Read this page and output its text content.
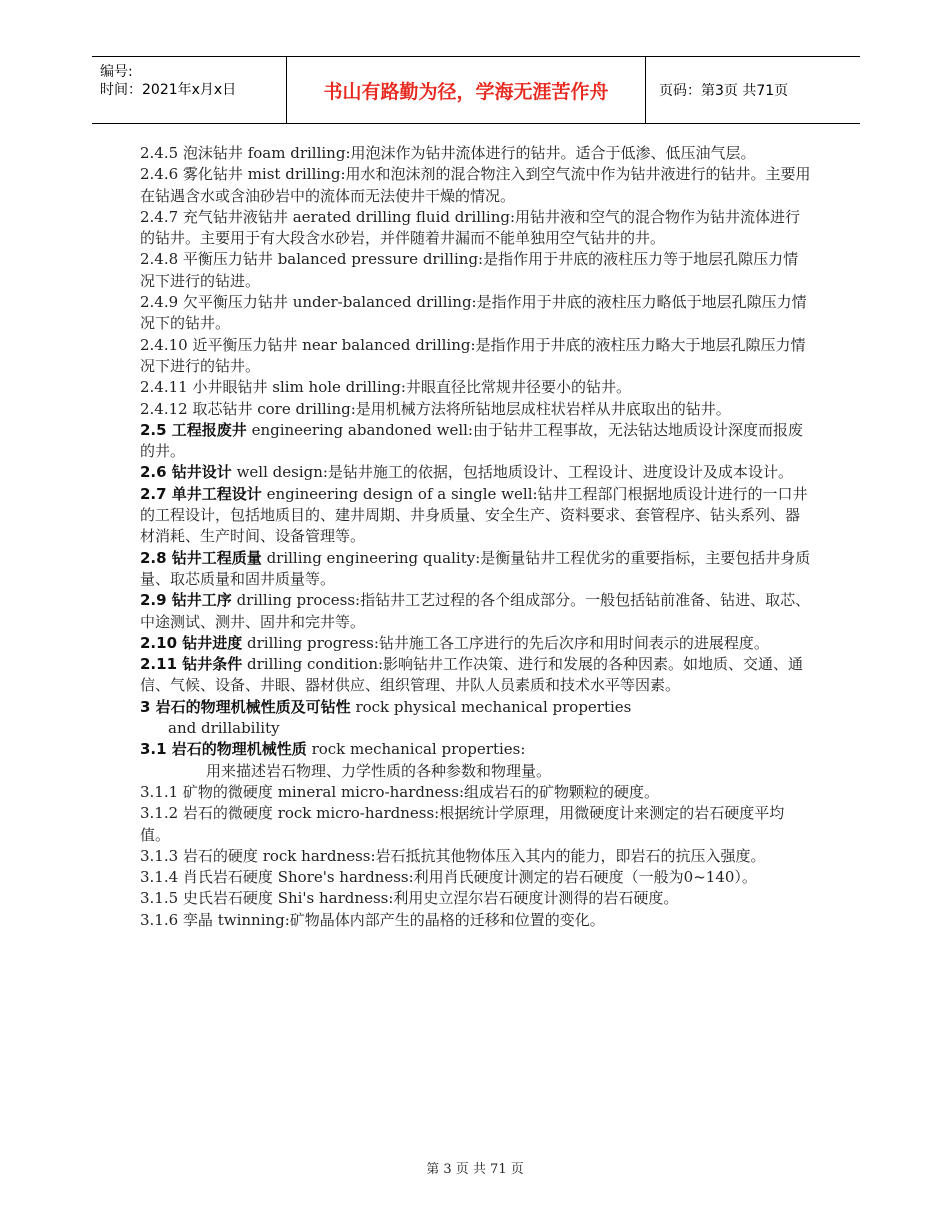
编号:
时间：2021年x月x日	书山有路勤为径，学海无涯苦作舟	页码：第3页 共71页

2.4.5 泡沫钻井 foam drilling:用泡沫作为钻井流体进行的钻井。适合于低渗、低压油气层。

2.4.6 雾化钻井 mist drilling:用水和泡沫剂的混合物注入到空气流中作为钻井液进行的钻井。主要用在钻遇含水或含油砂岩中的流体而无法使井干燥的情况。

2.4.7 充气钻井液钻井 aerated drilling fluid drilling:用钻井液和空气的混合物作为钻井流体进行的钻井。主要用于有大段含水砂岩，并伴随着井漏而不能单独用空气钻井的井。

2.4.8 平衡压力钻井 balanced pressure drilling:是指作用于井底的液柱压力等于地层孔隙压力情况下进行的钻进。

2.4.9 欠平衡压力钻井 under-balanced drilling:是指作用于井底的液柱压力略低于地层孔隙压力情况下的钻井。

2.4.10 近平衡压力钻井 near balanced drilling:是指作用于井底的液柱压力略大于地层孔隙压力情况下进行的钻井。

2.4.11 小井眼钻井 slim hole drilling:井眼直径比常规井径要小的钻井。

2.4.12 取芯钻井 core drilling:是用机械方法将所钻地层成柱状岩样从井底取出的钻井。

2.5 工程报废井 engineering abandoned well:由于钻井工程事故，无法钻达地质设计深度而报废的井。

2.6 钻井设计 well design:是钻井施工的依据，包括地质设计、工程设计、进度设计及成本设计。

2.7 单井工程设计 engineering design of a single well:钻井工程部门根据地质设计进行的一口井的工程设计，包括地质目的、建井周期、井身质量、安全生产、资料要求、套管程序、钻头系列、器材消耗、生产时间、设备管理等。

2.8 钻井工程质量 drilling engineering quality:是衡量钻井工程优劣的重要指标，主要包括井身质量、取芯质量和固井质量等。

2.9 钻井工序 drilling process:指钻井工艺过程的各个组成部分。一般包括钻前准备、钻进、取芯、中途测试、测井、固井和完井等。

2.10 钻井进度 drilling progress:钻井施工各工序进行的先后次序和用时间表示的进展程度。

2.11 钻井条件 drilling condition:影响钻井工作决策、进行和发展的各种因素。如地质、交通、通信、气候、设备、井眼、器材供应、组织管理、井队人员素质和技术水平等因素。

3 岩石的物理机械性质及可钻性 rock physical mechanical properties

and drillability

3.1 岩石的物理机械性质 rock mechanical properties:

用来描述岩石物理、力学性质的各种参数和物理量。

3.1.1 矿物的微硬度 mineral micro-hardness:组成岩石的矿物颗粒的硬度。

3.1.2 岩石的微硬度 rock micro-hardness:根据统计学原理，用微硬度计来测定的岩石硬度平均值。

3.1.3 岩石的硬度 rock hardness:岩石抵抗其他物体压入其内的能力，即岩石的抗压入强度。

3.1.4 肖氏岩石硬度 Shore's hardness:利用肖氏硬度计测定的岩石硬度（一般为0~140）。

3.1.5 史氏岩石硬度 Shi's hardness:利用史立涅尔岩石硬度计测得的岩石硬度。

3.1.6 孪晶 twinning:矿物晶体内部产生的晶格的迁移和位置的变化。

第 3 页 共 71 页
